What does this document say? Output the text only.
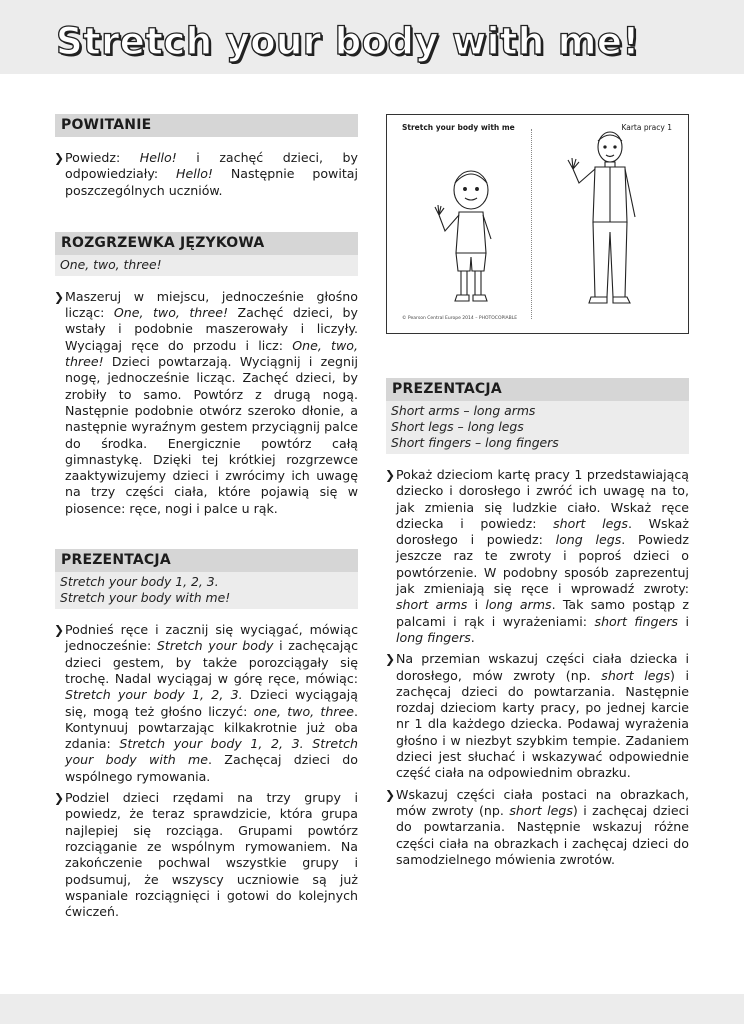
Stretch your body with me!
POWITANIE

❯ Powiedz: Hello! i zachęć dzieci, by odpowiedziały: Hello! Następnie powitaj poszczególnych uczniów.

ROZGRZEWKA JĘZYKOWA
One, two, three!

❯ Maszeruj w miejscu, jednocześnie głośno licząc: One, two, three! Zachęć dzieci, by wstały i podobnie maszerowały i liczyły. Wyciągaj ręce do przodu i licz: One, two, three! Dzieci powtarzają. Wyciągnij i zegnij nogę, jednocześnie licząc. Zachęć dzieci, by zrobiły to samo. Powtórz z drugą nogą. Następnie podobnie otwórz szeroko dłonie, a następnie wyraźnym gestem przyciągnij palce do środka. Energicznie powtórz całą gimnastykę. Dzięki tej krótkiej rozgrzewce zaaktywizujemy dzieci i zwrócimy ich uwagę na trzy części ciała, które pojawią się w piosence: ręce, nogi i palce u rąk.

PREZENTACJA
Stretch your body 1, 2, 3.
Stretch your body with me!

❯ Podnieś ręce i zacznij się wyciągać, mówiąc jednocześnie: Stretch your body i zachęcając dzieci gestem, by także porozciągały się trochę. Nadal wyciągaj w górę ręce, mówiąc: Stretch your body 1, 2, 3. Dzieci wyciągają się, mogą też głośno liczyć: one, two, three. Kontynuuj powtarzając kilkakrotnie już oba zdania: Stretch your body 1, 2, 3. Stretch your body with me. Zachęcaj dzieci do wspólnego rymowania.

❯ Podziel dzieci rzędami na trzy grupy i powiedz, że teraz sprawdzicie, która grupa najlepiej się rozciąga. Grupami powtórz rozciąganie ze wspólnym rymowaniem. Na zakończenie pochwal wszystkie grupy i podsumuj, że wszyscy uczniowie są już wspaniale rozciągnięci i gotowi do kolejnych ćwiczeń.

Stretch your body with me	Karta pracy 1
© Pearson Central Europe 2014 – PHOTOCOPIABLE
PREZENTACJA
Short arms – long arms
Short legs – long legs
Short fingers – long fingers

❯ Pokaż dzieciom kartę pracy 1 przedstawiającą dziecko i dorosłego i zwróć ich uwagę na to, jak zmienia się ludzkie ciało. Wskaż ręce dziecka i powiedz: short legs. Wskaż dorosłego i powiedz: long legs. Powiedz jeszcze raz te zwroty i poproś dzieci o powtórzenie. W podobny sposób zaprezentuj jak zmieniają się ręce i wprowadź zwroty: short arms i long arms. Tak samo postąp z palcami i rąk i wyrażeniami: short fingers i long fingers.

❯ Na przemian wskazuj części ciała dziecka i dorosłego, mów zwroty (np. short legs) i zachęcaj dzieci do powtarzania. Następnie rozdaj dzieciom karty pracy, po jednej karcie nr 1 dla każdego dziecka. Podawaj wyrażenia głośno i w niezbyt szybkim tempie. Zadaniem dzieci jest słuchać i wskazywać odpowiednie część ciała na odpowiednim obrazku.

❯ Wskazuj części ciała postaci na obrazkach, mów zwroty (np. short legs) i zachęcaj dzieci do powtarzania. Następnie wskazuj różne części ciała na obrazkach i zachęcaj dzieci do samodzielnego mówienia zwrotów.
